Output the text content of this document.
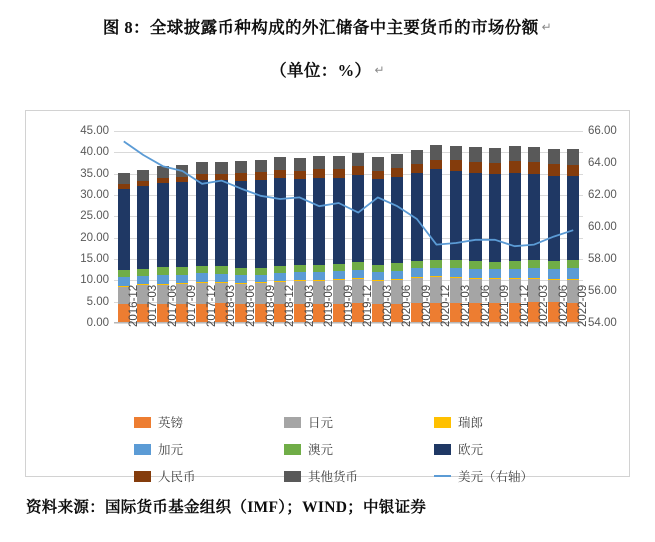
图 8：全球披露币种构成的外汇储备中主要货币的市场份额 ↵
（单位：%） ↵
0.00
5.00
10.00
15.00
20.00
25.00
30.00
35.00
40.00
45.00
54.00
56.00
58.00
60.00
62.00
64.00
66.00
2016-12 2017-03 2017-06 2017-09 2017-12 2018-03 2018-06 2018-09 2018-12 2019-03 2019-06 2019-09 2019-12 2020-03 2020-06 2020-09 2020-12 2021-03 2021-06 2021-09 2021-12 2022-03 2022-06 2022-09
英镑	日元	瑞郎
加元	澳元	欧元
人民币	其他货币	美元（右轴）
资料来源：国际货币基金组织（IMF）；WIND；中银证券
